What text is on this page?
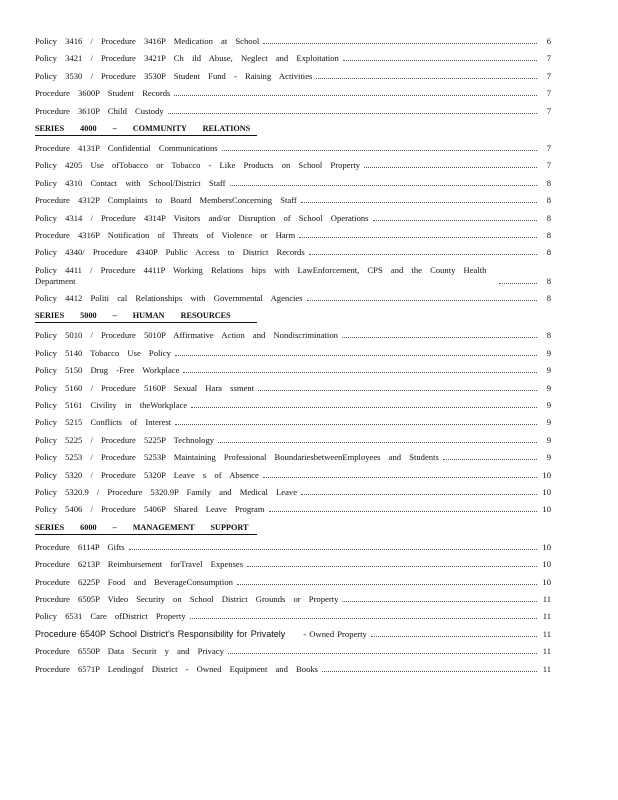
Policy 3416 / Procedure 3416P Medication at School	6
Policy 3421 / Procedure 3421P Ch ild Abuse, Neglect and Exploitation	7
Policy 3530 / Procedure 3530P Student Fund - Raising Activities	7
Procedure 3600P Student Records	7
Procedure 3610P Child Custody	7
SERIES 4000 – COMMUNITY RELATIONS
Procedure 4131P Confidential Communications	7
Policy 4205 Use ofTobacco or Tobacco - Like Products on School Property	7
Policy 4310 Contact with School/District Staff	8
Procedure 4312P Complaints to Board MembersConcerning Staff	8
Policy 4314 / Procedure 4314P Visitors and/or Disruption of School Operations	8
Procedure 4316P Notification of Threats of Violence or Harm	8
Policy 4340/ Procedure 4340P Public Access to District Records	8
Policy 4411 / Procedure 4411P Working Relations hips with LawEnforcement, CPS and the County Health Department	8
Policy 4412 Politi cal Relationships with Governmental Agencies	8
SERIES 5000 – HUMAN RESOURCES
Policy 5010 / Procedure 5010P Affirmative Action and Nondiscrimination	8
Policy 5140 Tobacco Use Policy	9
Policy 5150 Drug -Free Workplace	9
Policy 5160 / Procedure 5160P Sexual Hara ssment	9
Policy 5161 Civility in theWorkplace	9
Policy 5215 Conflicts of Interest	9
Policy 5225 / Procedure 5225P Technology	9
Policy 5253 / Procedure 5253P Maintaining Professional BoundariesbetweenEmployees and Students	9
Policy 5320 / Procedure 5320P Leave s of Absence	10
Policy 5320.9 / Procedure 5320.9P Family and Medical Leave	10
Policy 5406 / Procedure 5406P Shared Leave Program	10
SERIES 6000 – MANAGEMENT SUPPORT
Procedure 6114P Gifts	10
Procedure 6213P Reimbursement forTravel Expenses	10
Procedure 6225P Food and BeverageConsumption	10
Procedure 6505P Video Security on School District Grounds or Property	11
Policy 6531 Care ofDistrict Property	11
Procedure 6540P School District’s Responsibility for Privately - Owned Property	11
Procedure 6550P Data Securit y and Privacy	11
Procedure 6571P Lendingof District - Owned Equipment and Books	11
